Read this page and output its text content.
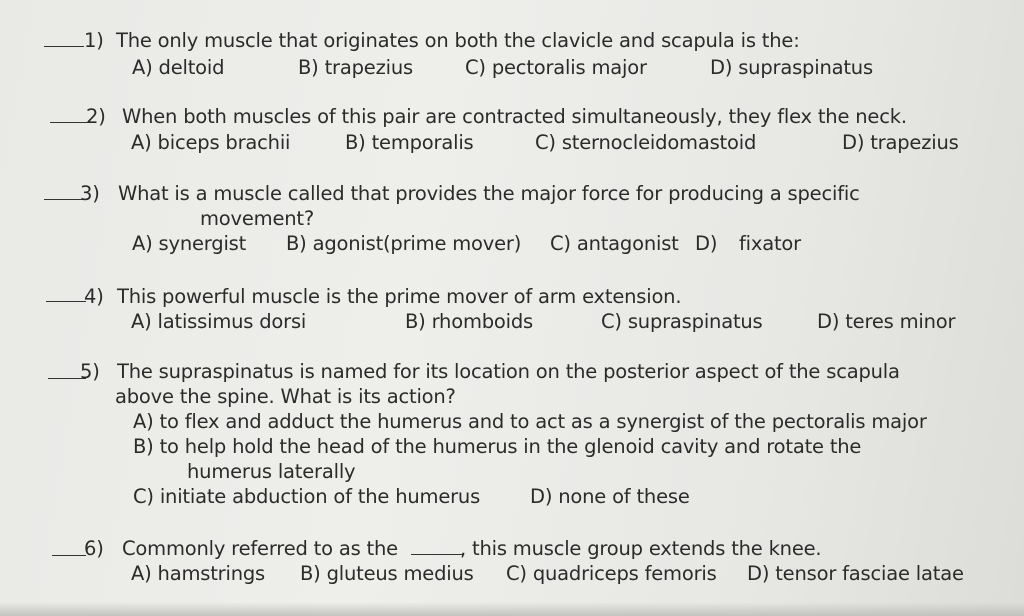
1) The only muscle that originates on both the clavicle and scapula is the:
A) deltoid	B) trapezius	C) pectoralis major	D) supraspinatus
2) When both muscles of this pair are contracted simultaneously, they flex the neck.
A) biceps brachii	B) temporalis	C) sternocleidomastoid	D) trapezius
3) What is a muscle called that provides the major force for producing a specific
movement?
A) synergist B) agonist(prime mover) C) antagonist D) fixator
4) This powerful muscle is the prime mover of arm extension.
A) latissimus dorsi	B) rhomboids	C) supraspinatus	D) teres minor
5) The supraspinatus is named for its location on the posterior aspect of the scapula
above the spine. What is its action?
A) to flex and adduct the humerus and to act as a synergist of the pectoralis major
B) to help hold the head of the humerus in the glenoid cavity and rotate the
humerus laterally
C) initiate abduction of the humerus	D) none of these
6) Commonly referred to as the	, this muscle group extends the knee.
A) hamstrings B) gluteus medius C) quadriceps femoris D) tensor fasciae latae
